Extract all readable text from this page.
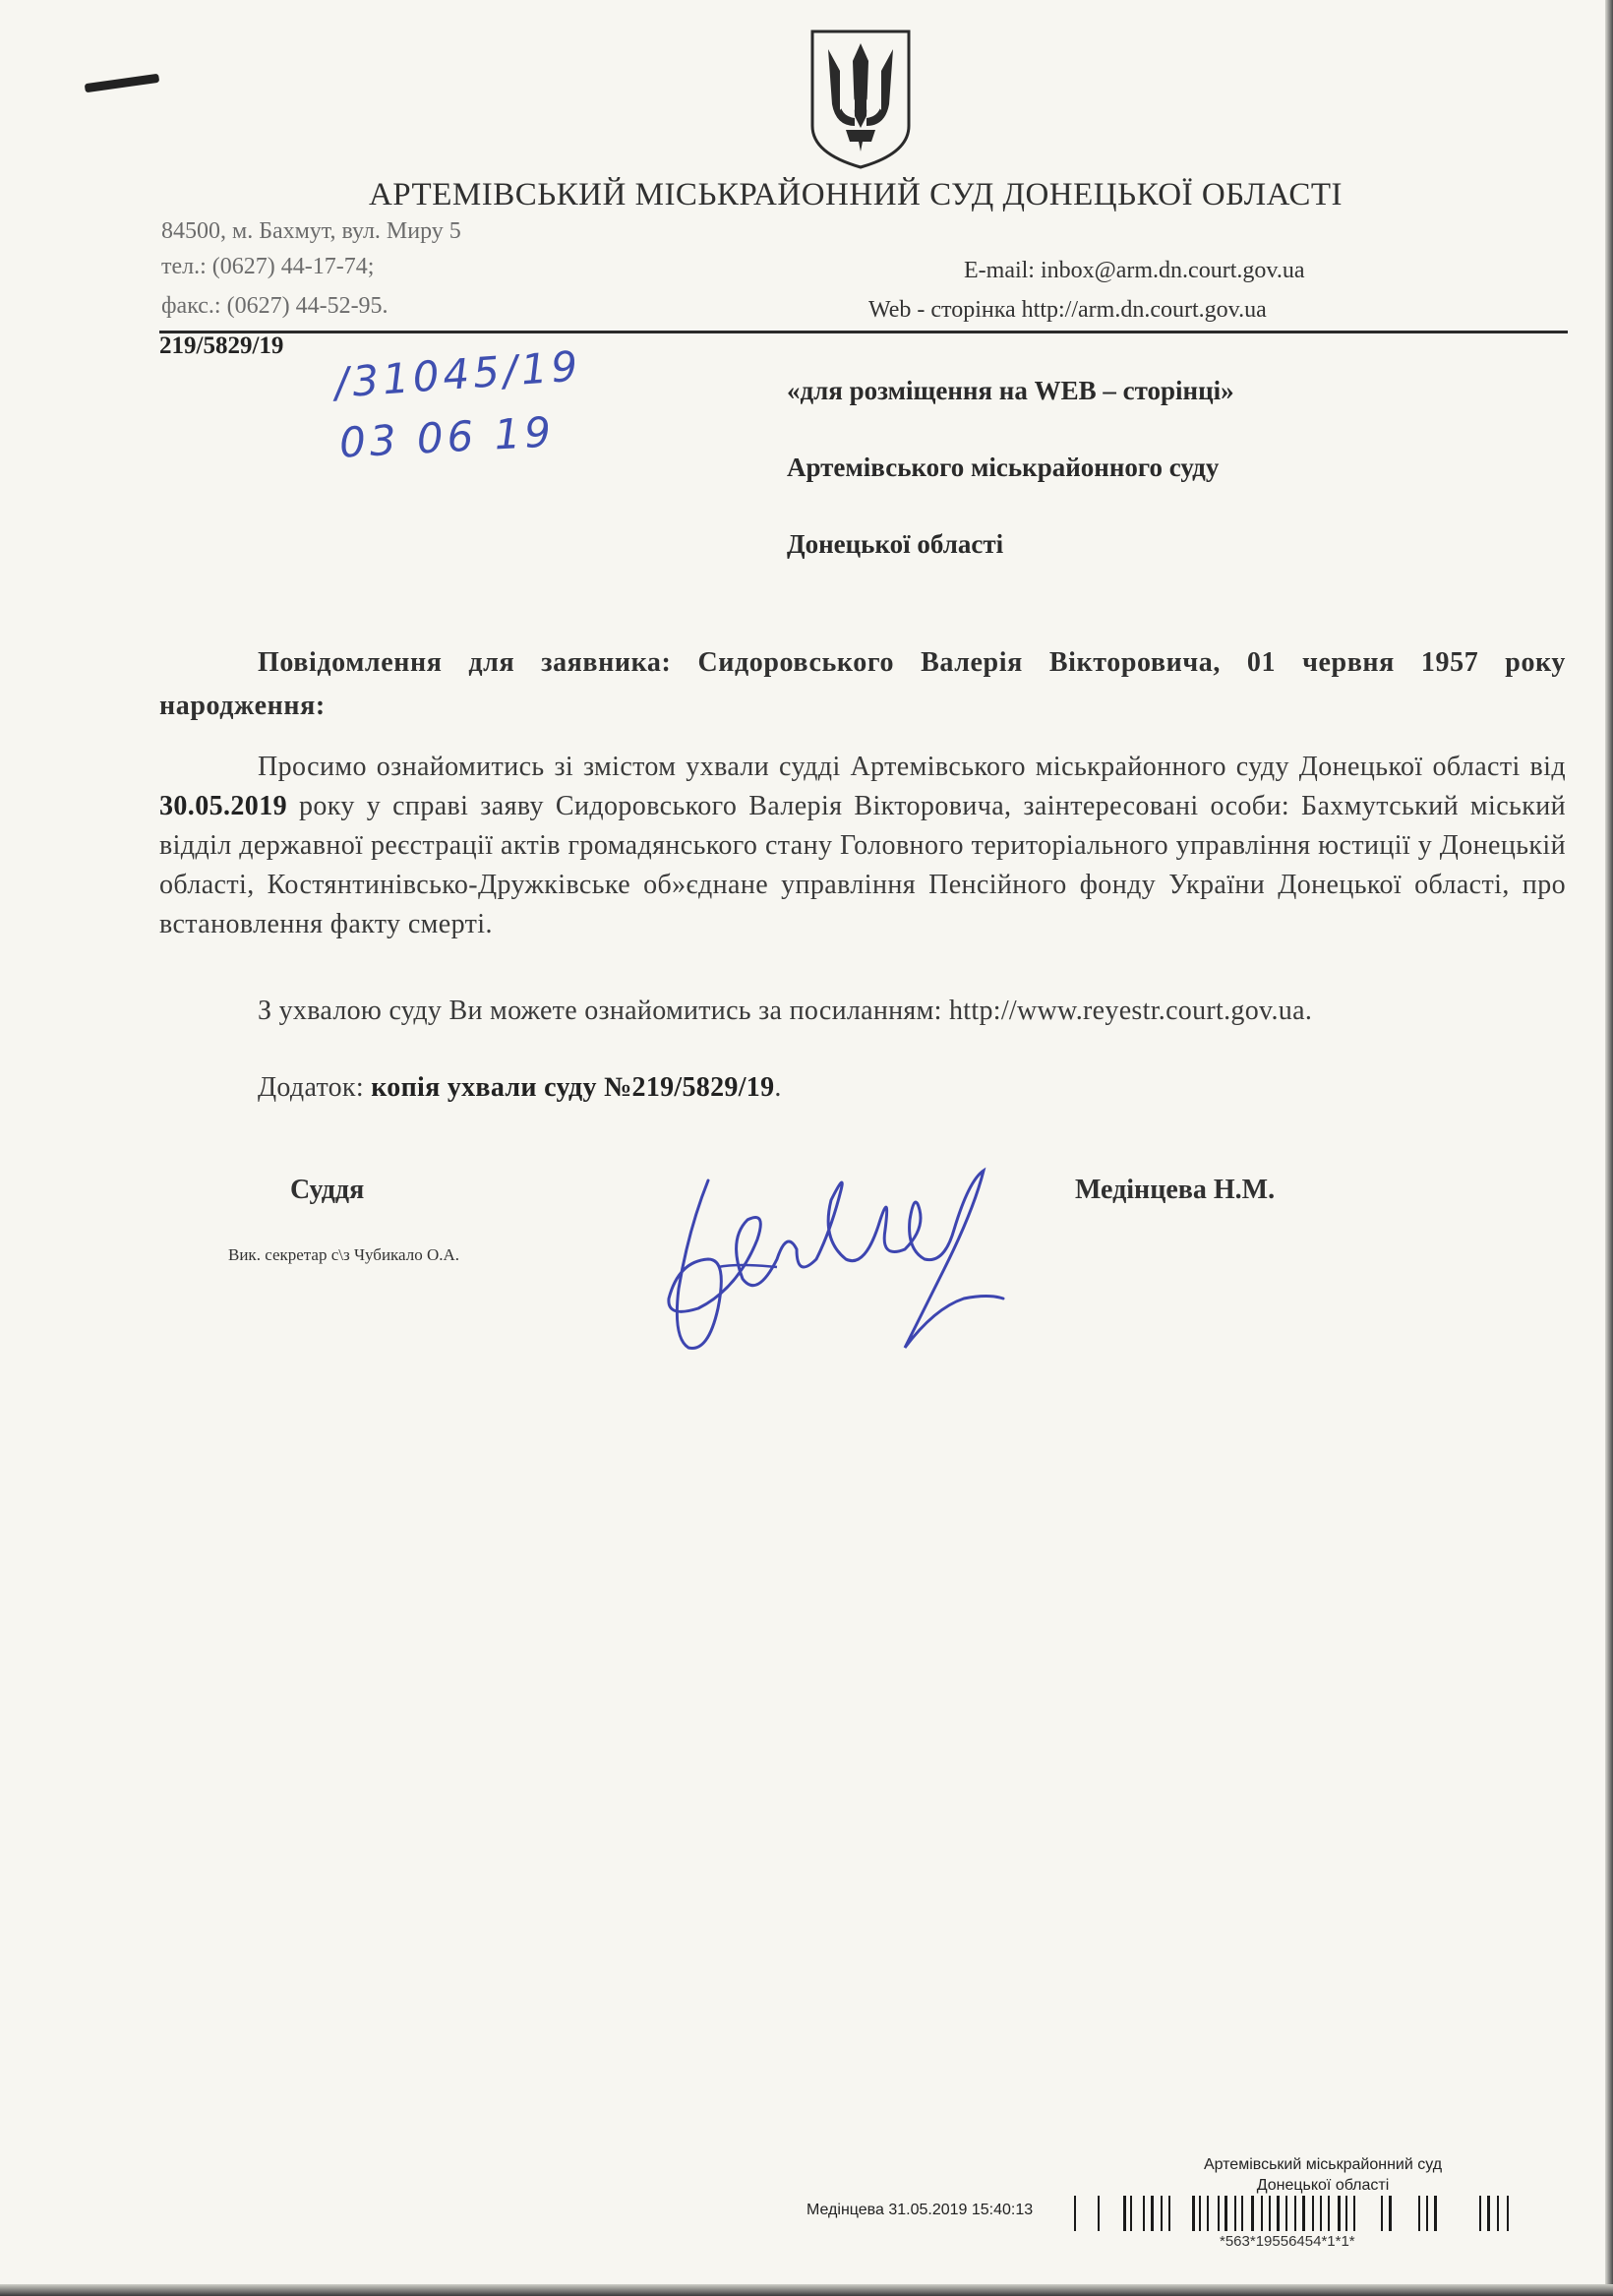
АРТЕМІВСЬКИЙ МІСЬКРАЙОННИЙ СУД ДОНЕЦЬКОЇ ОБЛАСТІ
84500, м. Бахмут, вул. Миру 5
тел.: (0627) 44-17-74;
факс.: (0627) 44-52-95.
E-mail: inbox@arm.dn.court.gov.ua
Web - сторінка http://arm.dn.court.gov.ua
219/5829/19 /31045/19
03 06 19
«для розміщення на WEB – сторінці»
Артемівського міськрайонного суду
Донецької області
Повідомлення для заявника: Сидоровського Валерія Вікторовича, 01 червня 1957 року народження:
Просимо ознайомитись зі змістом ухвали судді Артемівського міськрайонного суду Донецької області від 30.05.2019 року у справі заяву Сидоровського Валерія Вікторовича, заінтересовані особи: Бахмутський міський відділ державної реєстрації актів громадянського стану Головного територіального управління юстиції у Донецькій області, Костянтинівсько-Дружківське об»єднане управління Пенсійного фонду України Донецької області, про встановлення факту смерті.
З ухвалою суду Ви можете ознайомитись за посиланням: http://www.reyestr.court.gov.ua.
Додаток: копія ухвали суду №219/5829/19.
Суддя	Медінцева Н.М.
Вик. секретар с\з Чубикало О.А.
Артемівський міськрайонний суд
Донецької області
Медінцева 31.05.2019 15:40:13
*563*19556454*1*1*
